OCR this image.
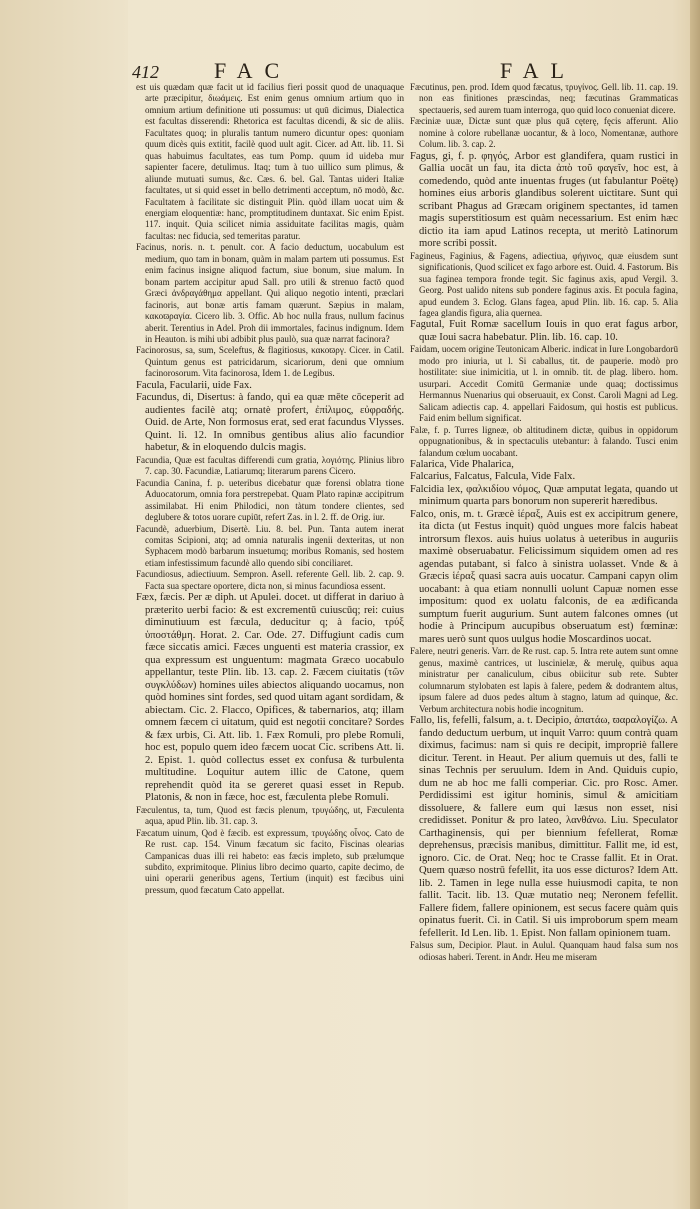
412	FAC	FAL

est uis quædam quæ facit ut id facilius fieri possit quod de unaquaque arte præcipitur, διωάμεις. Est enim genus omnium artium quo in omnium artium definitione uti possumus: ut quū dicimus, Dialectica est facultas disserendi: Rhetorica est facultas dicendi, & sic de aliis. Facultates quoq; in pluralis tantum numero dicuntur opes: quoniam quum dicès quis extitit, facilè quod uult agit. Cicer. ad Att. lib. 11. Si quas habuimus facultates, eas tum Pomp. quum id uideba mur sapienter facere, detulimus. Itaq; tum à tuo uillico sum plimus, & aliunde mutuati sumus, &c. Cæs. 6. bel. Gal. Tantas uideri Italiæ facultates, ut si quid esset in bello detrimenti acceptum, nō modò, &c. Facultatem à facilitate sic distinguit Plin. quòd illam uocat uim & energiam eloquentiæ: hanc, promptitudinem duntaxat. Sic enim Epist. 117. inquit. Quia scilicet nimia assiduitate facilitas magis, quàm facultas: nec fiducia, sed temeritas paratur.

Facinus, noris. n. t. penult. cor. A facio deductum, uocabulum est medium, quo tam in bonam, quàm in malam partem uti possumus. Est enim facinus insigne aliquod factum, siue bonum, siue malum. In bonam partem accipitur apud Sall. pro utili & strenuo factō quod Græci ἀνδραγάθημα appellant. Qui aliquo negotio intenti, præclari facinoris, aut bonæ artis famam quærunt. Sæpius in malam, κακοϖραγία. Cicero lib. 3. Offic. Ab hoc nulla fraus, nullum facinus aberit. Terentius in Adel. Proh dii immortales, facinus indignum. Idem in Heauton. is mihi ubi adbibit plus paulò, sua quæ narrat facinora?

Facinorosus, sa, sum, Sceleftus, & flagitiosus, κακοϖργ. Cicer. in Catil. Quintum genus est patricidarum, sicariorum, deni que omnium facinorosorum. Vita facinorosa, Idem 1. de Legibus.

Facula, Facularii, uide Fax.

Facundus, di, Disertus: à fando, qui ea quæ mēte cōceperit ad audientes facilè atq; ornatè profert, ἐπίλιμος, εὐφραδής. Ouid. de Arte, Non formosus erat, sed erat facundus Vlysses. Quint. li. 12. In omnibus gentibus alius alio facundior habetur, & in eloquendo dulcis magis.

Facundia, Quæ est facultas differendi cum gratia, λογιότης. Plinius libro 7. cap. 30. Facundiæ, Latiarumq; literarum parens Cicero.

Facundia Canina, f. p. ueteribus dicebatur quæ forensi oblatra tione Aduocatorum, omnia fora perstrepebat. Quam Plato rapinæ accipitrum assimilabat. Hi enim Philodici, non tàtum tondere clientes, sed deglubere & totos uorare cupiūt, refert Zas. in l. 2. ff. de Orig. iur.

Facundè, aduerbium, Disertè. Liu. 8. bel. Pun. Tanta autem inerat comitas Scipioni, atq; ad omnia naturalis ingenii dexteritas, ut non Syphacem modò barbarum insuetumq; moribus Romanis, sed hostem etiam infestissimum facundè allo quendo sibi conciliaret.

Facundiosus, adiectiuum. Sempron. Asell. referente Gell. lib. 2. cap. 9. Facta sua spectare oportere, dicta non, si minus facundiosa essent.

Fæx, fæcis. Per æ diph. ut Apulei. docet. ut differat in dariuo à præterito uerbi facio: & est excrementū cuiuscūq; rei: cuius diminutiuum est fæcula, deducitur q; à facio, τρύξ ὑποστάθμη. Horat. 2. Car. Ode. 27. Diffugiunt cadis cum fæce siccatis amici. Fæces unguenti est materia crassior, ex qua expressum est unguentum: magmata Græco uocabulo appellantur, teste Plin. lib. 13. cap. 2. Fæcem ciuitatis (τῶν συγκλύδων) homines uiles abiectos aliquando uocamus, non quòd homines sint fordes, sed quod uitam agant sordidam, & abiectam. Cic. 2. Flacco, Opifices, & tabernarios, atq; illam omnem fæcem ci uitatum, quid est negotii concitare? Sordes & fæx urbis, Ci. Att. lib. 1. Fæx Romuli, pro plebe Romuli, hoc est, populo quem ideo fæcem uocat Cic. scribens Att. li. 2. Epist. 1. quòd collectus esset ex confusa & turbulenta multitudine. Loquitur autem illic de Catone, quem reprehendit quòd ita se gereret quasi esset in Repub. Platonis, & non in fæce, hoc est, fæculenta plebe Romuli.

Fæculentus, ta, tum, Quod est fæcis plenum, τρυγώδης, ut, Fæculenta aqua, apud Plin. lib. 31. cap. 3.

Fæcatum uinum, Qod è fæcib. est expressum, τρυγώδης οἶνος. Cato de Re rust. cap. 154. Vinum fæcatum sic facito, Fiscinas olearias Campanicas duas illi rei habeto: eas fæcis impleto, sub prælumque subdito, exprimitoque. Plinius libro decimo quarto, capite decimo, de uini operarii generibus agens, Tertium (inquit) est fæcibus uini pressum, quod fæcatum Cato appellat.

Fæcutinus, pen. prod. Idem quod fæcatus, τρυγίνος. Gell. lib. 11. cap. 19. non eas finitiones præscindas, neq; fæcutinas Grammaticas spectaueris, sed aurem tuam interroga, quo quid loco conueniat dicere.

Fæciniæ uuæ, Dictæ sunt quæ plus quā cęterę, fęcis afferunt. Alio nomine à colore rubellanæ uocantur, & à loco, Nomentanæ, authore Colum. lib. 3. cap. 2.

Fagus, gi, f. p. φηγός, Arbor est glandifera, quam rustici in Gallia uocāt un fau, ita dicta ἀπὸ τοῦ φαγεῖν, hoc est, à comedendo, quòd ante inuentas fruges (ut fabulantur Poëtę) homines eius arboris glandibus solerent uictitare. Sunt qui scribant Phagus ad Græcam originem spectantes, id tamen magis superstitiosum est quàm necessarium. Est enim hæc dictio ita iam apud Latinos recepta, ut meritò Latinorum more scribi possit.

Fagineus, Faginius, & Fagens, adiectiua, φήγινος, quæ eiusdem sunt significationis, Quod scilicet ex fago arbore est. Ouid. 4. Fastorum. Bis sua faginea tempora fronde tegit. Sic faginus axis, apud Vergil. 3. Georg. Post ualido nitens sub pondere faginus axis. Et pocula fagina, apud eundem 3. Eclog. Glans fagea, apud Plin. lib. 16. cap. 5. Alia fagea glandis figura, alia quernea.

Fagutal, Fuit Romæ sacellum Iouis in quo erat fagus arbor, quæ Ioui sacra habebatur. Plin. lib. 16. cap. 10.

Faidam, uocem origine Teutonicam Alberic. indicat in Iure Longobardorū modo pro iniuria, ut l. Si caballus, tit. de pauperie. modò pro hostilitate: siue inimicitia, ut l. in omnib. tit. de plag. libero. hom. usurpari. Accedit Comitū Germaniæ unde quaq; doctissimus Hermannus Nuenarius qui obseruauit, ex Const. Caroli Magni ad Leg. Salicam adiectis cap. 4. appellari Faidosum, qui hostis est publicus. Faid enim bellum significat.

Falæ, f. p. Turres ligneæ, ob altitudinem dictæ, quibus in oppidorum oppugnationibus, & in spectaculis utebantur: à falando. Tusci enim falandum cœlum uocabant.

Falarica, Vide Phalarica,

Falcarius, Falcatus, Falcula, Vide Falx.

Falcidia lex, φαλκιδίου νόμος, Quæ amputat legata, quando ut minimum quarta pars bonorum non supererit hæredibus.

Falco, onis, m. t. Græcè ἱέραξ, Auis est ex accipitrum genere, ita dicta (ut Festus inquit) quòd ungues more falcis habeat introrsum flexos. auis huius uolatus à ueteribus in auguriis maximè obseruabatur. Felicissimum siquidem omen ad res agendas putabant, si falco à sinistra uolasset. Vnde & à Græcis ἱέραξ quasi sacra auis uocatur. Campani capyn olim uocabant: à qua etiam nonnulli uolunt Capuæ nomen esse impositum: quod ex uolatu falconis, de ea ædificanda sumptum fuerit augurium. Sunt autem falcones omnes (ut hodie à Principum aucupibus obseruatum est) fœminæ: mares uerò sunt quos uulgus hodie Moscardinos uocat.

Falere, neutri generis. Varr. de Re rust. cap. 5. Intra rete autem sunt omne genus, maximè cantrices, ut luscinielæ, & merulę, quibus aqua ministratur per canaliculum, cibus obiicitur sub rete. Subter columnarum stylobaten est lapis à falere, pedem & dodrantem altus, ipsum falere ad duos pedes altum à stagno, latum ad quinque, &c. Verbum architectura nobis hodie incognitum.

Fallo, lis, fefelli, falsum, a. t. Decipio, ἀπατάω, ϖαραλογίζω. A fando deductum uerbum, ut inquit Varro: quum contrà quam diximus, facimus: nam si quis re decipit, impropriè fallere dicitur. Terent. in Heaut. Per alium quemuis ut des, falli te sinas Technis per seruulum. Idem in And. Quiduis cupio, dum ne ab hoc me falli comperiar. Cic. pro Rosc. Amer. Perdidissimi est igitur hominis, simul & amicitiam dissoluere, & fallere eum qui læsus non esset, nisi credidisset. Ponitur & pro lateo, λανθάνω. Liu. Speculator Carthaginensis, qui per biennium fefellerat, Romæ deprehensus, præcisis manibus, dimittitur. Fallit me, id est, ignoro. Cic. de Orat. Neq; hoc te Crasse fallit. Et in Orat. Quem quæso nostrū fefellit, ita uos esse dicturos? Idem Att. lib. 2. Tamen in lege nulla esse huiusmodi capita, te non fallit. Tacit. lib. 13. Quæ mutatio neq; Neronem fefellit. Fallere fidem, fallere opinionem, est secus facere quàm quis opinatus fuerit. Ci. in Catil. Si uis improborum spem meam fefellerit. Id Len. lib. 1. Epist. Non fallam opinionem tuam.

Falsus sum, Decipior. Plaut. in Aulul. Quanquam haud falsa sum nos odiosas haberi. Terent. in Andr. Heu me miseram
